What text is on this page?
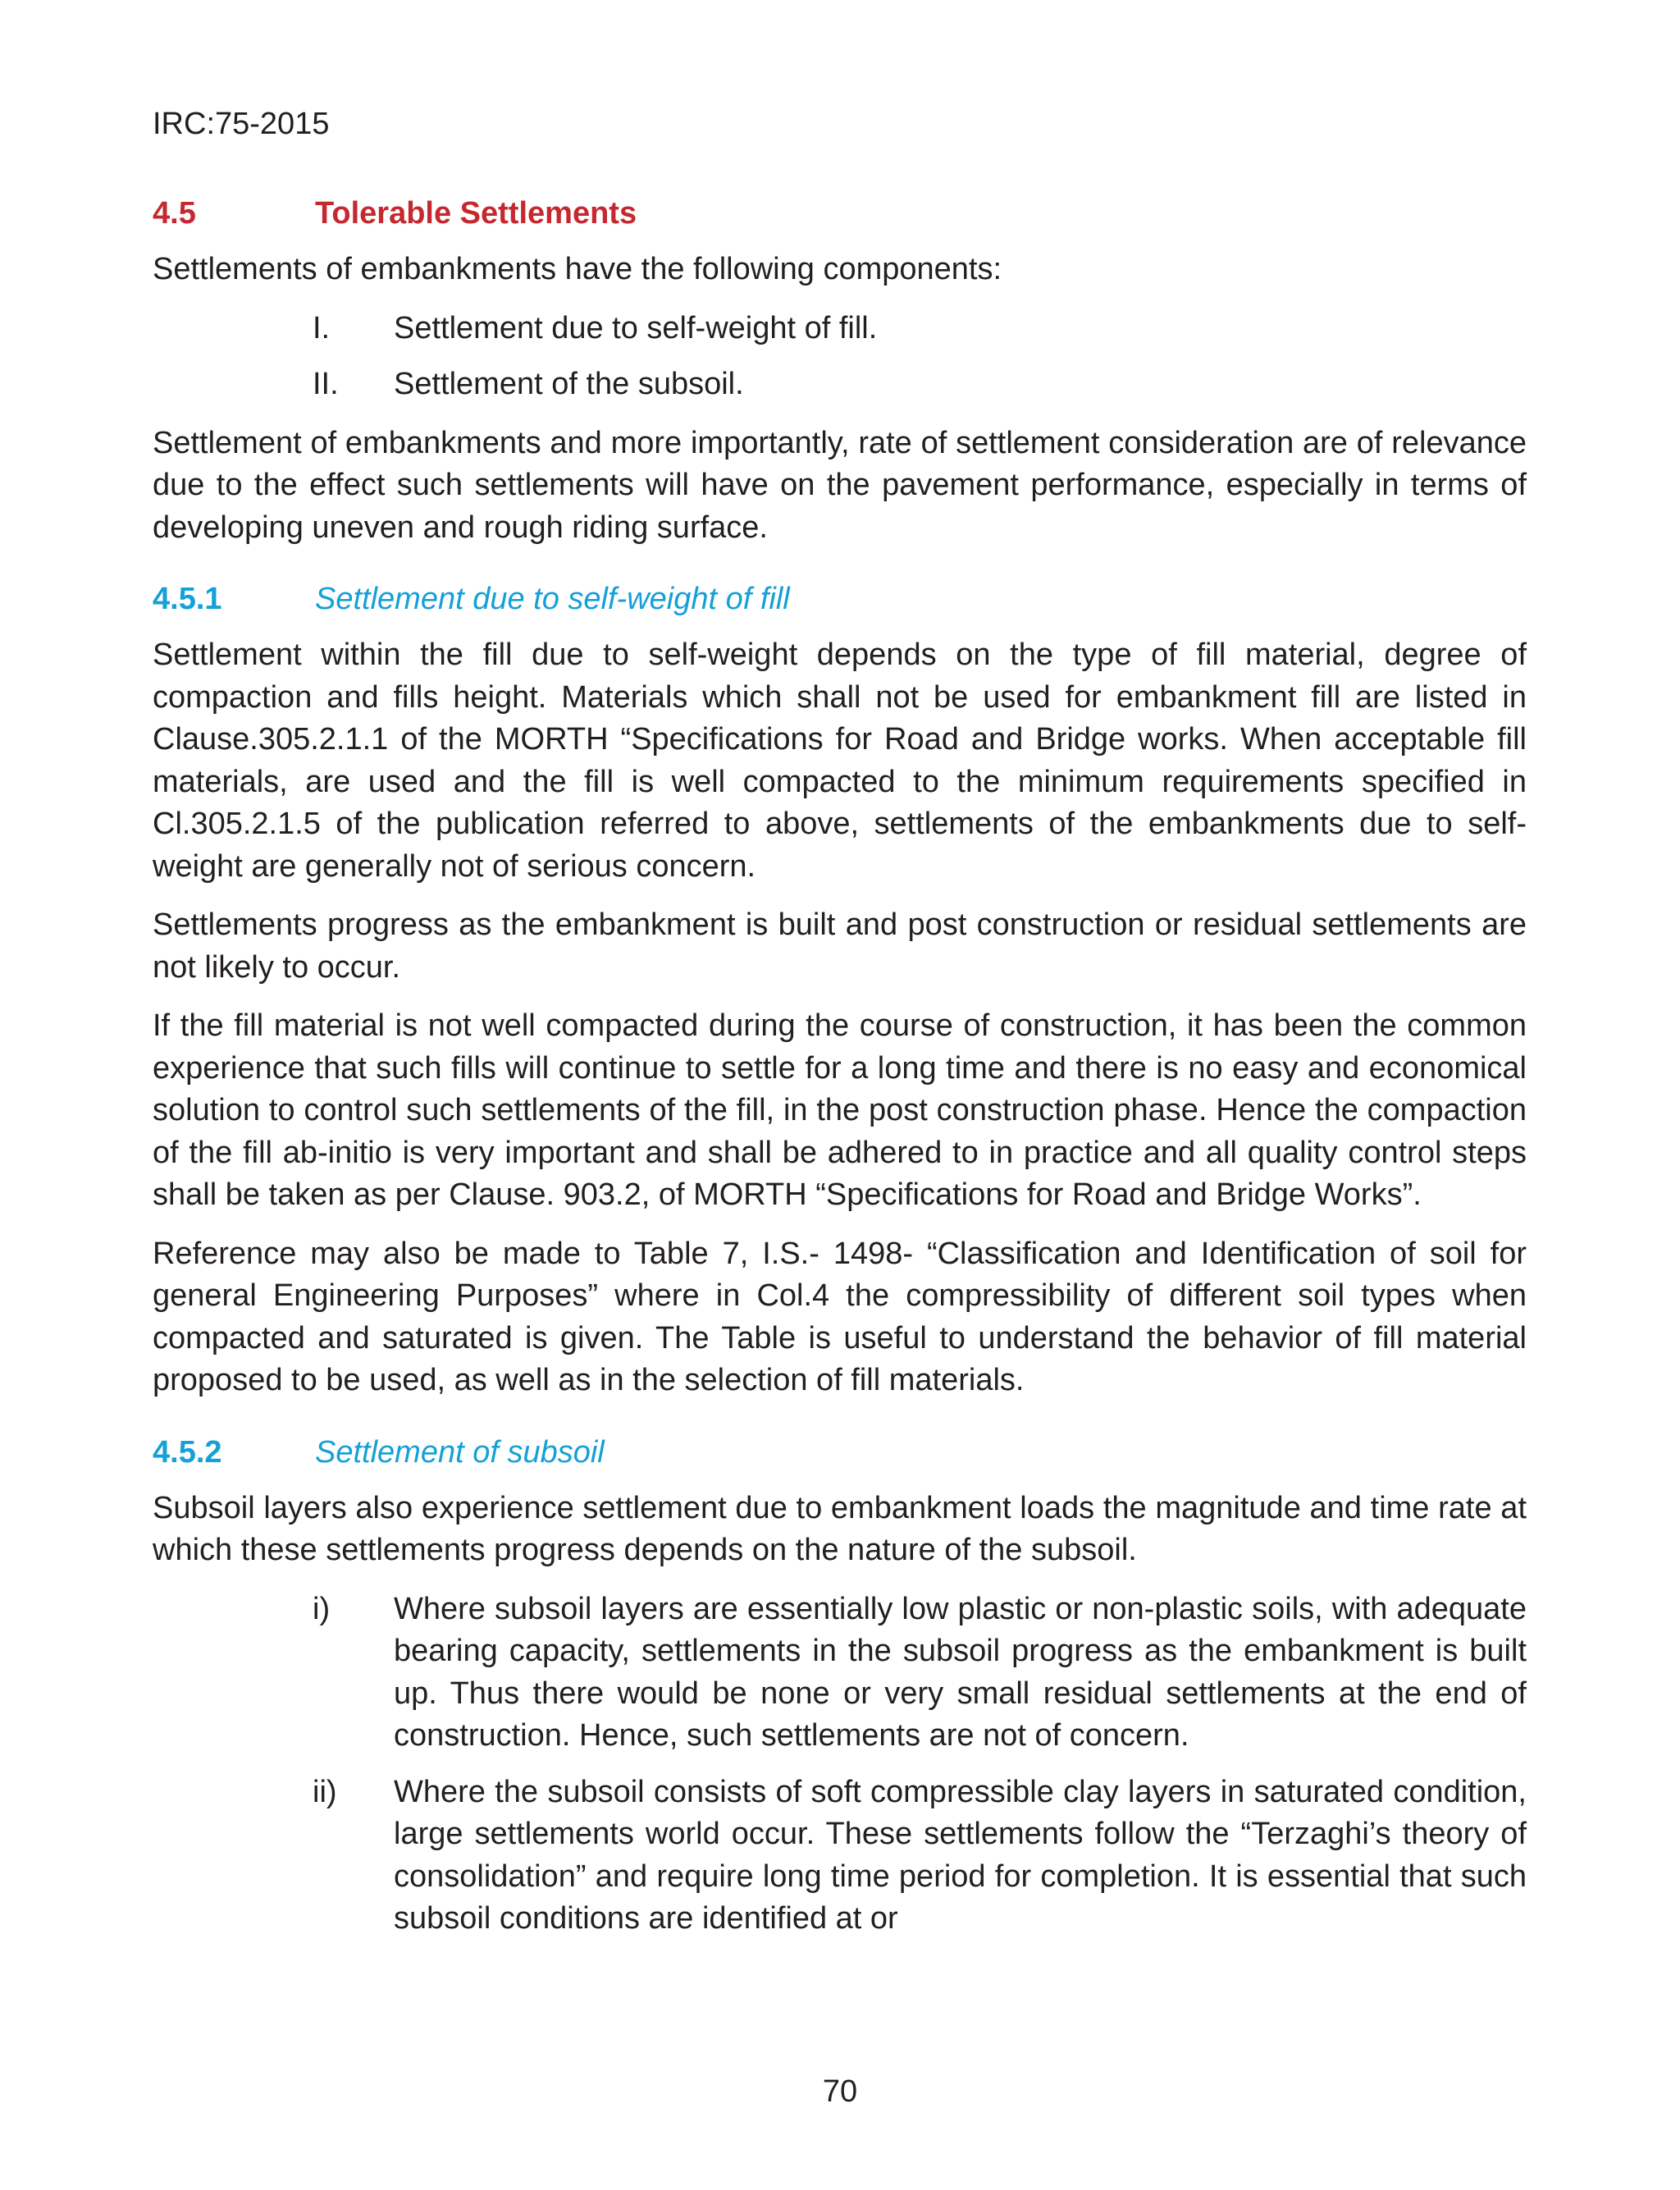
IRC:75-2015
4.5	Tolerable Settlements

Settlements of embankments have the following components:

I.	Settlement due to self-weight of fill.
II.	Settlement of the subsoil.

Settlement of embankments and more importantly, rate of settlement consideration are of relevance due to the effect such settlements will have on the pavement performance, especially in terms of developing uneven and rough riding surface.

4.5.1	Settlement due to self-weight of fill

Settlement within the fill due to self-weight depends on the type of fill material, degree of compaction and fills height. Materials which shall not be used for embankment fill are listed in Clause.305.2.1.1 of the MORTH “Specifications for Road and Bridge works. When acceptable fill materials, are used and the fill is well compacted to the minimum requirements specified in Cl.305.2.1.5 of the publication referred to above, settlements of the embankments due to self-weight are generally not of serious concern.

Settlements progress as the embankment is built and post construction or residual settlements are not likely to occur.

If the fill material is not well compacted during the course of construction, it has been the common experience that such fills will continue to settle for a long time and there is no easy and economical solution to control such settlements of the fill, in the post construction phase. Hence the compaction of the fill ab-initio is very important and shall be adhered to in practice and all quality control steps shall be taken as per Clause. 903.2, of MORTH “Specifications for Road and Bridge Works”.

Reference may also be made to Table 7, I.S.- 1498- “Classification and Identification of soil for general Engineering Purposes” where in Col.4 the compressibility of different soil types when compacted and saturated is given. The Table is useful to understand the behavior of fill material proposed to be used, as well as in the selection of fill materials.

4.5.2	Settlement of subsoil

Subsoil layers also experience settlement due to embankment loads the magnitude and time rate at which these settlements progress depends on the nature of the subsoil.

i)	Where subsoil layers are essentially low plastic or non-plastic soils, with adequate bearing capacity, settlements in the subsoil progress as the embankment is built up. Thus there would be none or very small residual settlements at the end of construction. Hence, such settlements are not of concern.
ii)	Where the subsoil consists of soft compressible clay layers in saturated condition, large settlements world occur. These settlements follow the “Terzaghi’s theory of consolidation” and require long time period for completion. It is essential that such subsoil conditions are identified at or
70
